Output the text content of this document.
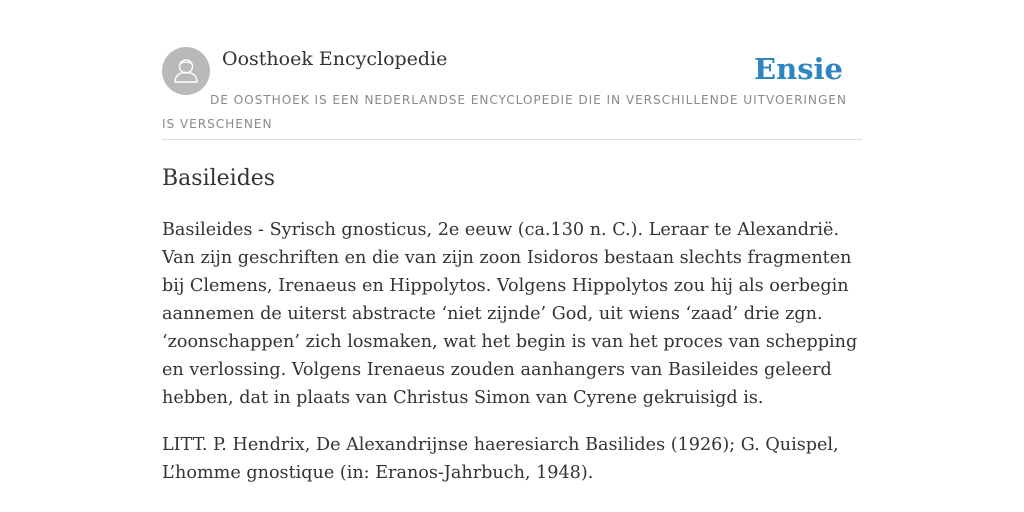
Oosthoek Encyclopedie	Ensie
DE OOSTHOEK IS EEN NEDERLANDSE ENCYCLOPEDIE DIE IN VERSCHILLENDE UITVOERINGEN IS VERSCHENEN
Basileides

Basileides - Syrisch gnosticus, 2e eeuw (ca.130 n. C.). Leraar te Alexandrië. Van zijn geschriften en die van zijn zoon Isidoros bestaan slechts fragmenten bij Clemens, Irenaeus en Hippolytos. Volgens Hippolytos zou hij als oerbegin aannemen de uiterst abstracte ‘niet zijnde’ God, uit wiens ‘zaad’ drie zgn. ‘zoonschappen’ zich losmaken, wat het begin is van het proces van schepping en verlossing. Volgens Irenaeus zouden aanhangers van Basileides geleerd hebben, dat in plaats van Christus Simon van Cyrene gekruisigd is.

LITT. P. Hendrix, De Alexandrijnse haeresiarch Basilides (1926); G. Quispel, L’homme gnostique (in: Eranos-Jahrbuch, 1948).
